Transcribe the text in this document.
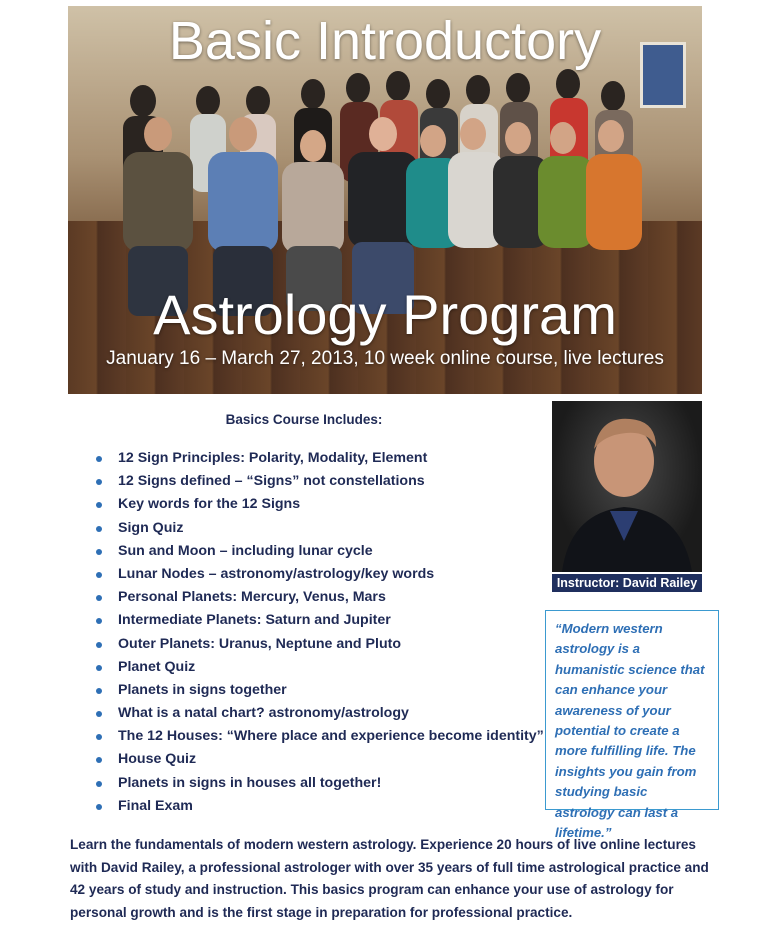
Basic Introductory
Astrology Program
January 16 – March 27, 2013, 10 week online course, live lectures
Basics Course Includes:
12 Sign Principles: Polarity, Modality, Element
12 Signs defined – “Signs” not constellations
Key words for the 12 Signs
Sign Quiz
Sun and Moon – including lunar cycle
Lunar Nodes – astronomy/astrology/key words
Personal Planets: Mercury, Venus, Mars
Intermediate Planets: Saturn and Jupiter
Outer Planets: Uranus, Neptune and Pluto
Planet Quiz
Planets in signs together
What is a natal chart? astronomy/astrology
The 12 Houses: “Where place and experience become identity”
House Quiz
Planets in signs in houses all together!
Final Exam
Instructor: David Railey
“Modern western astrology is a humanistic science that can enhance your awareness of your potential to create a more fulfilling life. The insights you gain from studying basic astrology can last a lifetime.”
Learn the fundamentals of modern western astrology. Experience 20 hours of live online lectures with David Railey, a professional astrologer with over 35 years of full time astrological practice and 42 years of study and instruction. This basics program can enhance your use of astrology for personal growth and is the first stage in preparation for professional practice.
